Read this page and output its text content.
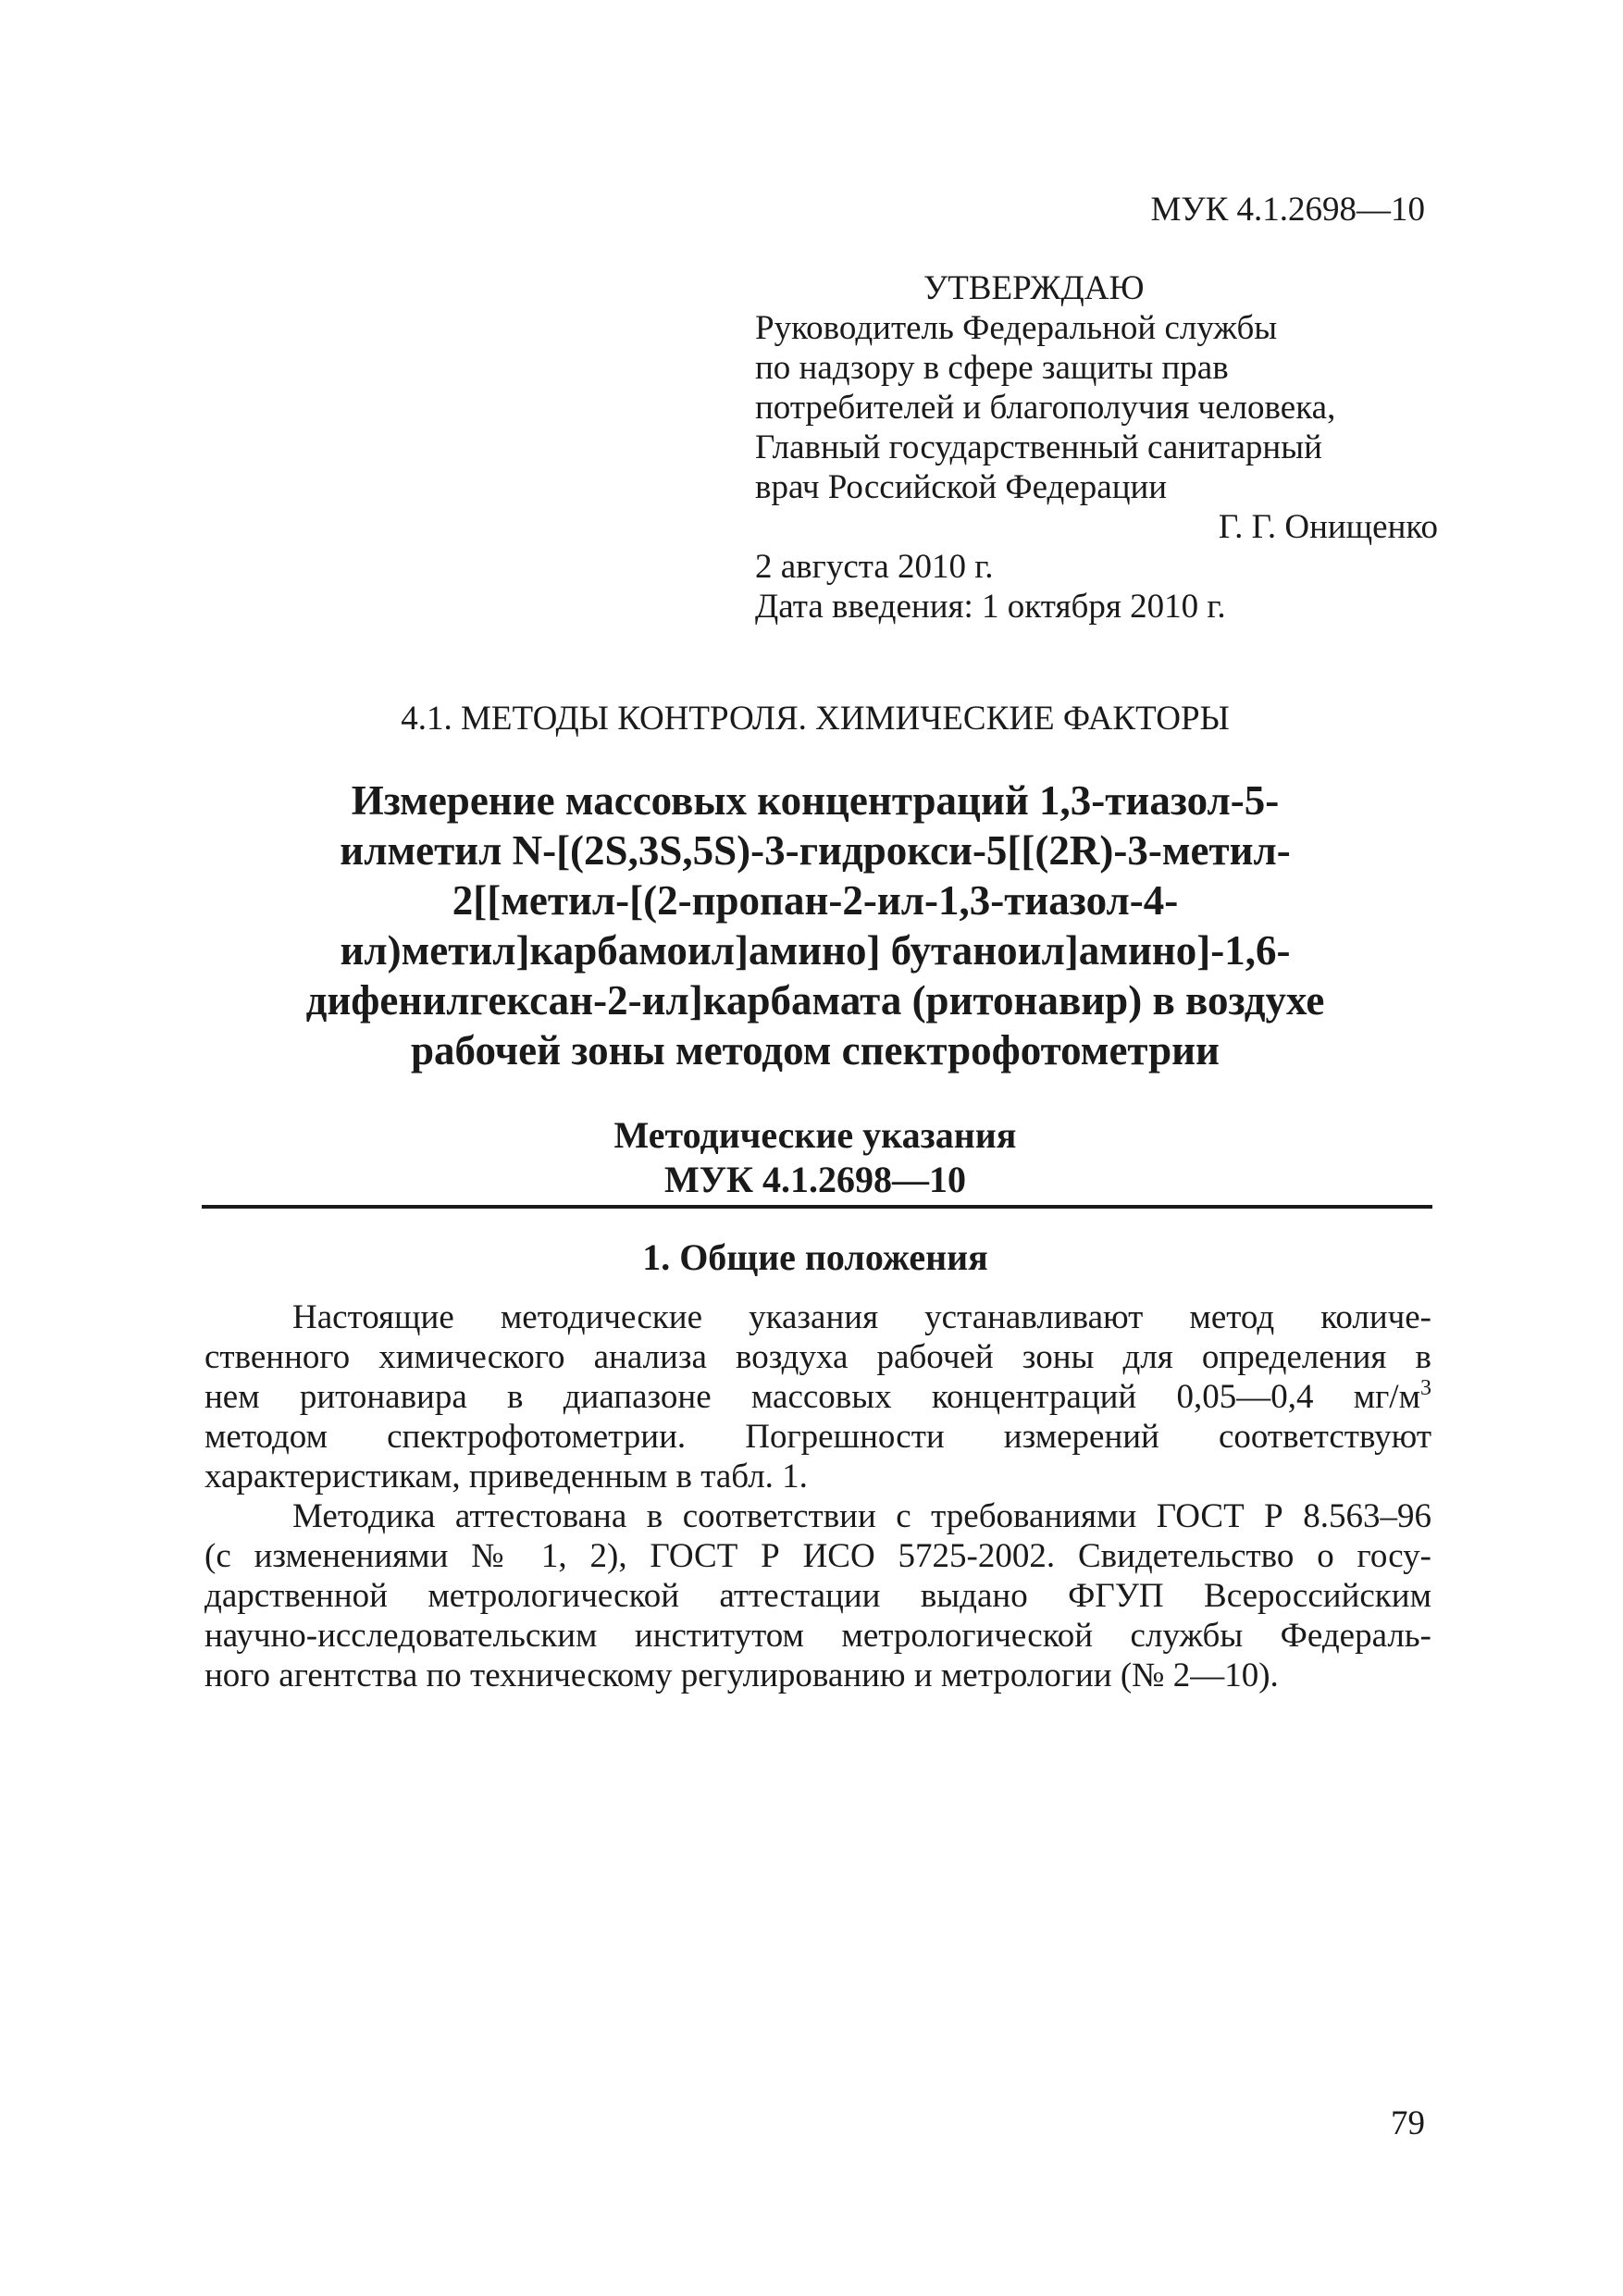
МУК 4.1.2698—10
УТВЕРЖДАЮ
Руководитель Федеральной службы
по надзору в сфере защиты прав
потребителей и благополучия человека,
Главный государственный санитарный
врач Российской Федерации
Г. Г. Онищенко
2 августа 2010 г.
Дата введения: 1 октября 2010 г.
4.1. МЕТОДЫ КОНТРОЛЯ. ХИМИЧЕСКИЕ ФАКТОРЫ
Измерение массовых концентраций 1,3-тиазол-5-
илметил N-[(2S,3S,5S)-3-гидрокси-5[[(2R)-3-метил-
2[[метил-[(2-пропан-2-ил-1,3-тиазол-4-
ил)метил]карбамоил]амино] бутаноил]амино]-1,6-
дифенилгексан-2-ил]карбамата (ритонавир) в воздухе
рабочей зоны методом спектрофотометрии
Методические указания
МУК 4.1.2698—10
1. Общие положения
Настоящие методические указания устанавливают метод количе-
ственного химического анализа воздуха рабочей зоны для определения в
нем ритонавира в диапазоне массовых концентраций 0,05—0,4 $мг/м^3$
методом спектрофотометрии. Погрешности измерений соответствуют
характеристикам, приведенным в табл. 1.
Методика аттестована в соответствии с требованиями ГОСТ Р 8.563–96
(с изменениями № 1, 2), ГОСТ Р ИСО 5725-2002. Свидетельство о госу-
дарственной метрологической аттестации выдано ФГУП Всероссийским
научно-исследовательским институтом метрологической службы Федераль-
ного агентства по техническому регулированию и метрологии (№ 2—10).
79
